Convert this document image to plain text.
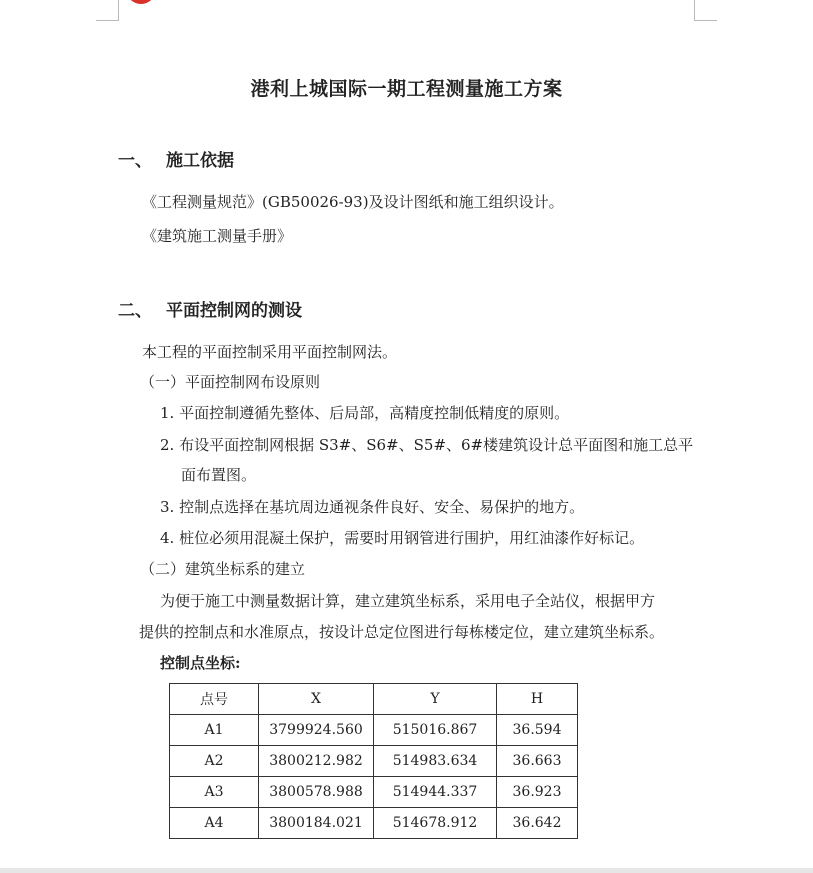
港利上城国际一期工程测量施工方案
一、 施工依据
《工程测量规范》(GB50026-93)及设计图纸和施工组织设计。
《建筑施工测量手册》
二、 平面控制网的测设
本工程的平面控制采用平面控制网法。
（一）平面控制网布设原则
1. 平面控制遵循先整体、后局部，高精度控制低精度的原则。
2. 布设平面控制网根据 S3#、S6#、S5#、6#楼建筑设计总平面图和施工总平
面布置图。
3. 控制点选择在基坑周边通视条件良好、安全、易保护的地方。
4. 桩位必须用混凝土保护，需要时用钢管进行围护，用红油漆作好标记。
（二）建筑坐标系的建立
为便于施工中测量数据计算，建立建筑坐标系，采用电子全站仪，根据甲方
提供的控制点和水准原点，按设计总定位图进行每栋楼定位，建立建筑坐标系。
控制点坐标:
点号	X	Y	H
A1	3799924.560	515016.867	36.594
A2	3800212.982	514983.634	36.663
A3	3800578.988	514944.337	36.923
A4	3800184.021	514678.912	36.642
